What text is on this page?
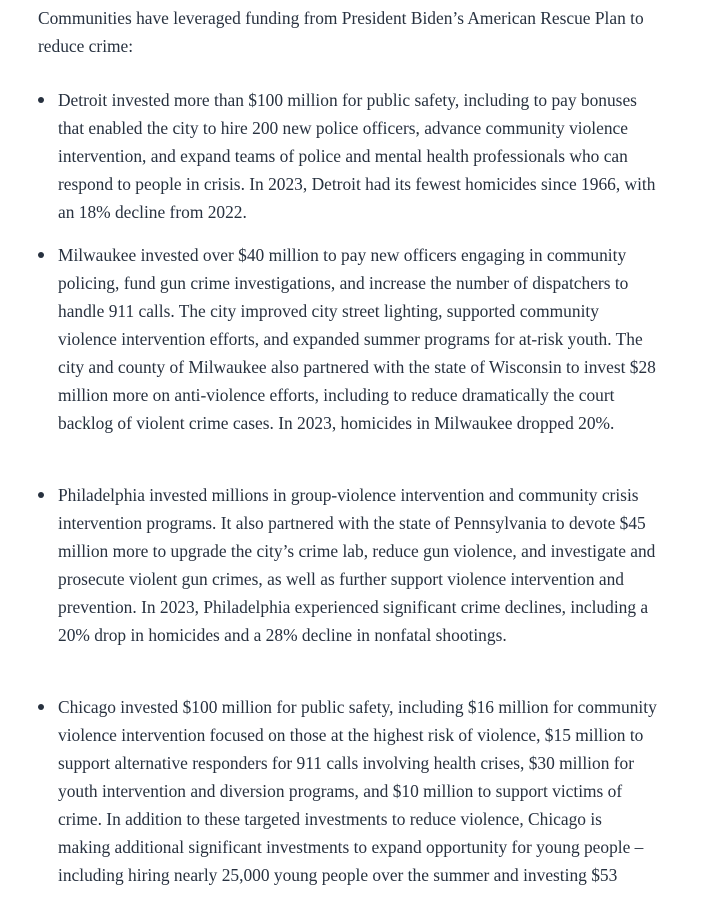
Communities have leveraged funding from President Biden’s American Rescue Plan to reduce crime:

Detroit invested more than $100 million for public safety, including to pay bonuses that enabled the city to hire 200 new police officers, advance community violence intervention, and expand teams of police and mental health professionals who can respond to people in crisis. In 2023, Detroit had its fewest homicides since 1966, with an 18% decline from 2022.

Milwaukee invested over $40 million to pay new officers engaging in community policing, fund gun crime investigations, and increase the number of dispatchers to handle 911 calls. The city improved city street lighting, supported community violence intervention efforts, and expanded summer programs for at-risk youth. The city and county of Milwaukee also partnered with the state of Wisconsin to invest $28 million more on anti-violence efforts, including to reduce dramatically the court backlog of violent crime cases. In 2023, homicides in Milwaukee dropped 20%.

Philadelphia invested millions in group-violence intervention and community crisis intervention programs. It also partnered with the state of Pennsylvania to devote $45 million more to upgrade the city’s crime lab, reduce gun violence, and investigate and prosecute violent gun crimes, as well as further support violence intervention and prevention. In 2023, Philadelphia experienced significant crime declines, including a 20% drop in homicides and a 28% decline in nonfatal shootings.

Chicago invested $100 million for public safety, including $16 million for community violence intervention focused on those at the highest risk of violence, $15 million to support alternative responders for 911 calls involving health crises, $30 million for youth intervention and diversion programs, and $10 million to support victims of crime. In addition to these targeted investments to reduce violence, Chicago is making additional significant investments to expand opportunity for young people – including hiring nearly 25,000 young people over the summer and investing $53
